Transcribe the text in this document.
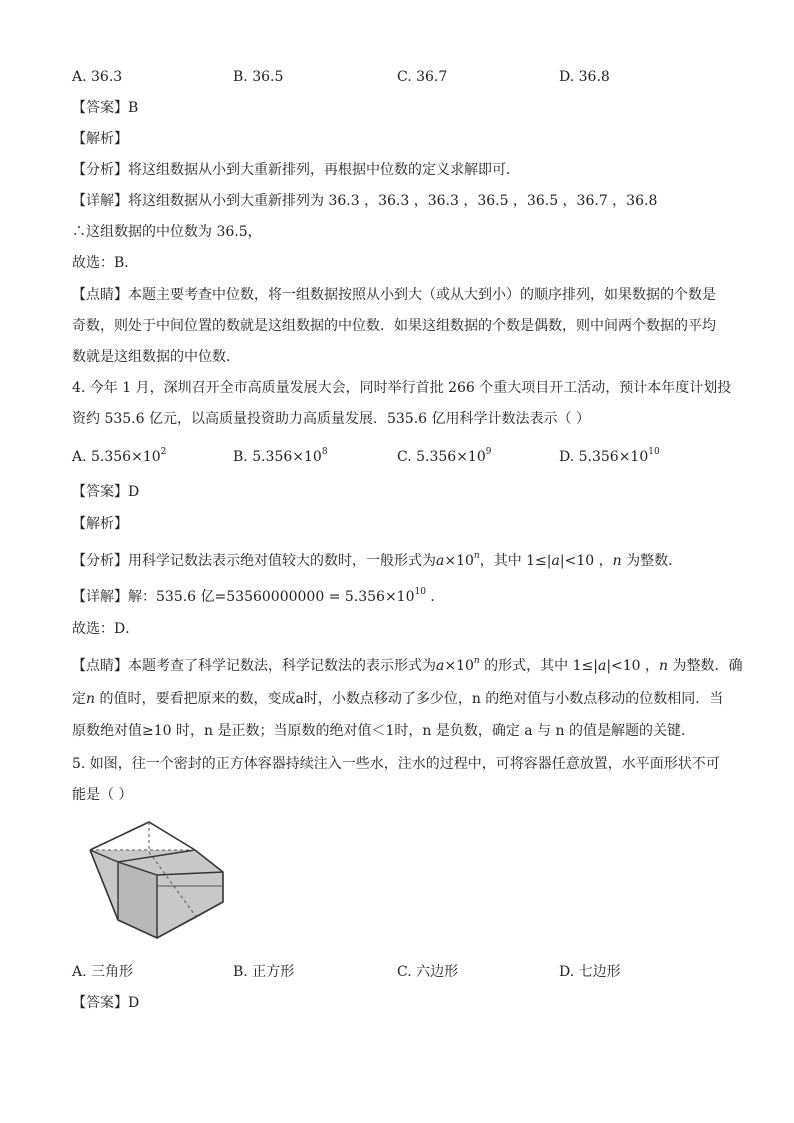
A. 36.3	B. 36.5	C. 36.7	D. 36.8
【答案】B
【解析】
【分析】将这组数据从小到大重新排列，再根据中位数的定义求解即可．
【详解】将这组数据从小到大重新排列为 36.3 ，36.3 ，36.3 ，36.5 ，36.5 ，36.7 ，36.8
∴这组数据的中位数为 36.5，
故选：B．
【点睛】本题主要考查中位数，将一组数据按照从小到大（或从大到小）的顺序排列，如果数据的个数是
奇数，则处于中间位置的数就是这组数据的中位数．如果这组数据的个数是偶数，则中间两个数据的平均
数就是这组数据的中位数．
4. 今年 1 月，深圳召开全市高质量发展大会，同时举行首批 266 个重大项目开工活动，预计本年度计划投
资约 535.6 亿元，以高质量投资助力高质量发展．535.6 亿用科学计数法表示（ ）
A. $5.356\times 10^2$	B. $5.356\times 10^8$	C. $5.356\times 10^9$	D. $5.356\times 10^{10}$
【答案】D
【解析】
【分析】用科学记数法表示绝对值较大的数时，一般形式为$a\times 10^n$，其中 1≤|a|<10 ，n 为整数．
【详解】解：535.6 亿$=53560000000 = 5.356\times 10^{10}$ ．
故选：D．
【点睛】本题考查了科学记数法，科学记数法的表示形式为$a\times 10^n$ 的形式，其中 1≤|a|<10 ，n 为整数．确
定n 的值时，要看把原来的数，变成a时，小数点移动了多少位，n 的绝对值与小数点移动的位数相同．当
原数绝对值≥10 时，n 是正数；当原数的绝对值＜1时，n 是负数，确定 a 与 n 的值是解题的关键．
5. 如图，往一个密封的正方体容器持续注入一些水，注水的过程中，可将容器任意放置，水平面形状不可
能是（ ）
A. 三角形	B. 正方形	C. 六边形	D. 七边形
【答案】D
